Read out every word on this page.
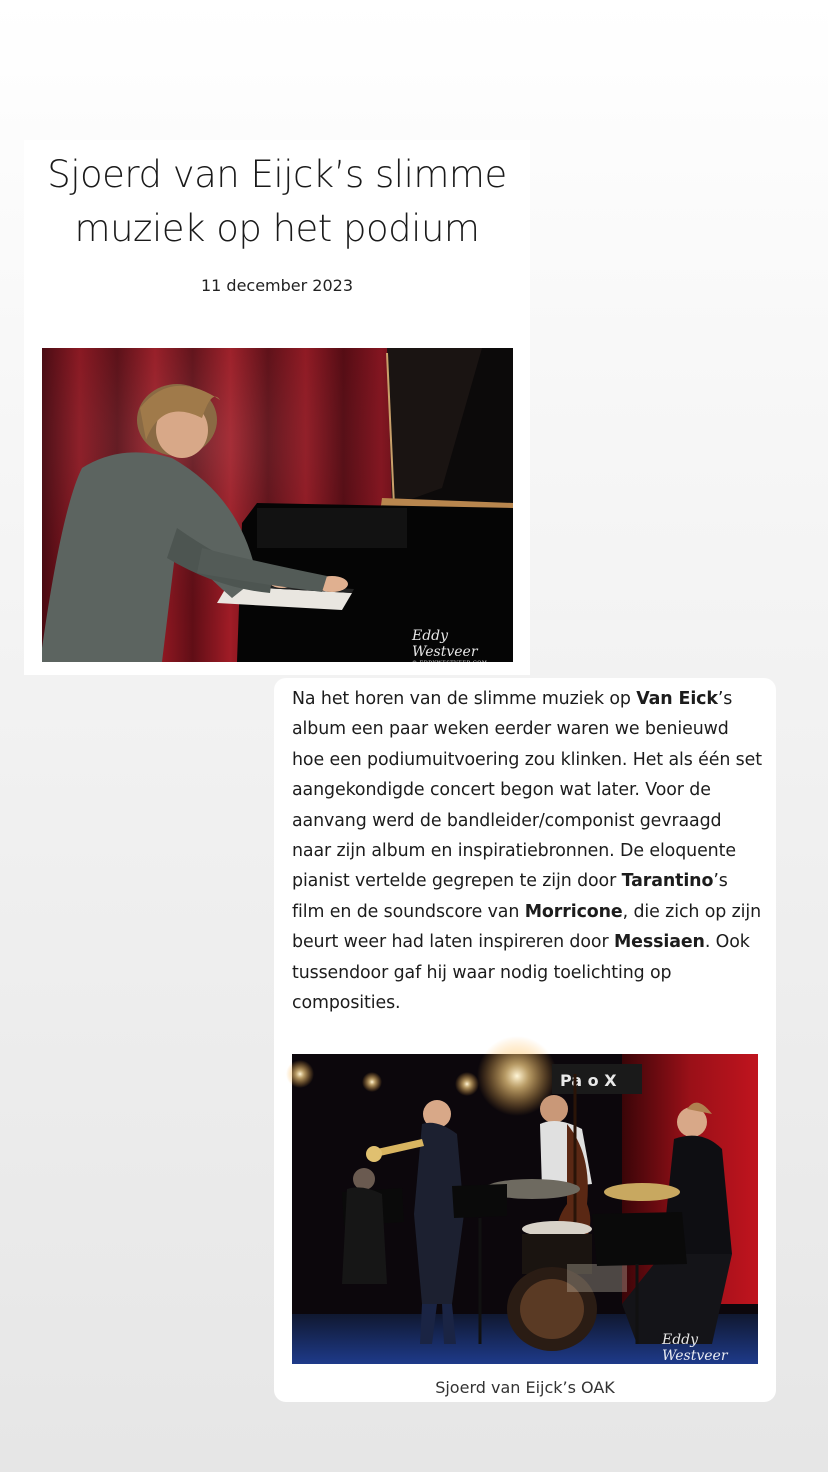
Sjoerd van Eijck’s slimme
muziek op het podium
11 december 2023
Eddy Westveer
© EDDYWESTVEER.COM PHOTOGRAPHY
Na het horen van de slimme muziek op Van Eick’s album een paar weken eerder waren we benieuwd hoe een podiumuitvoering zou klinken. Het als één set aangekondigde concert begon wat later. Voor de aanvang werd de bandleider/componist gevraagd naar zijn album en inspiratiebronnen. De eloquente pianist vertelde gegrepen te zijn door Tarantino’s film en de soundscore van Morricone, die zich op zijn beurt weer had laten inspireren door Messiaen. Ook tussendoor gaf hij waar nodig toelichting op composities.
Pa o X
Eddy Westveer
© EDDYWESTVEER.COM PHOTOGRAPHY
Sjoerd van Eijck’s OAK
